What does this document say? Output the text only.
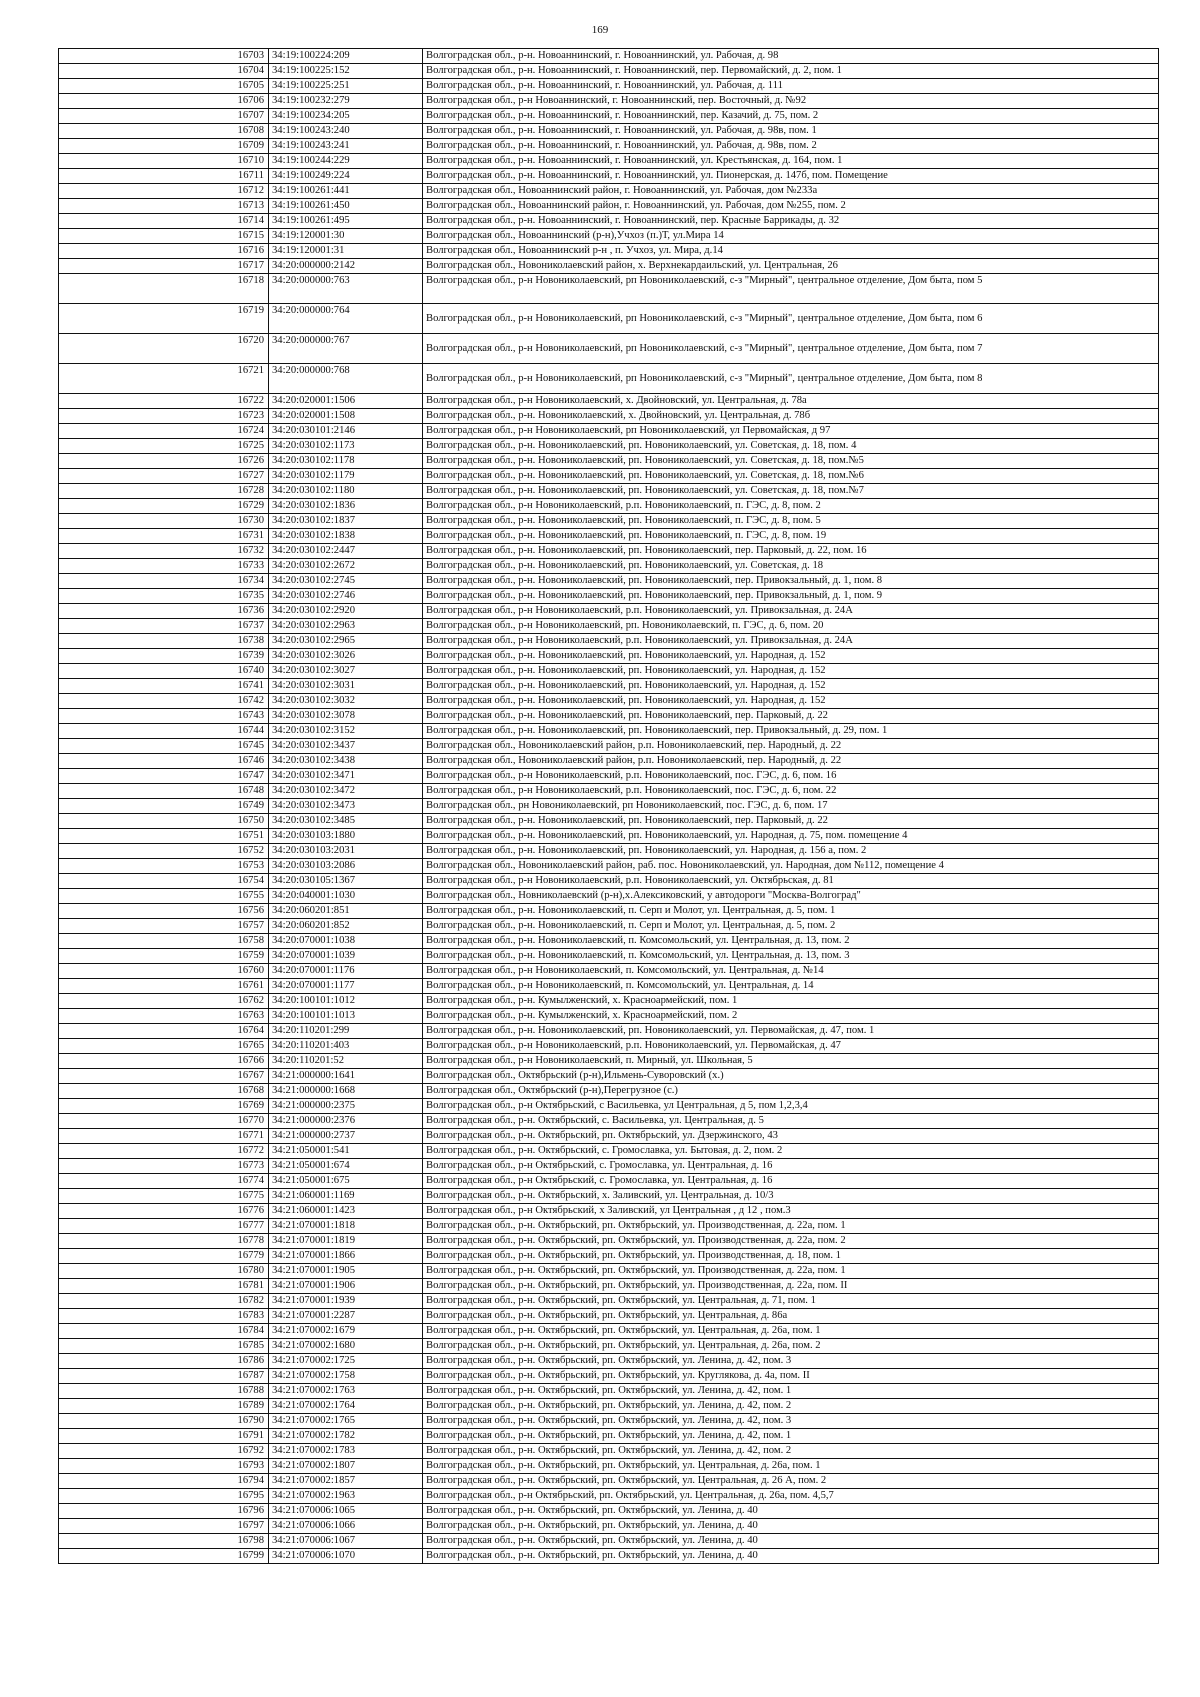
169
16703	34:19:100224:209	Волгоградская обл., р-н. Новоаннинский, г. Новоаннинский, ул. Рабочая, д. 98
16704	34:19:100225:152	Волгоградская обл., р-н. Новоаннинский, г. Новоаннинский, пер. Первомайский, д. 2, пом. 1
16705	34:19:100225:251	Волгоградская обл., р-н. Новоаннинский, г. Новоаннинский, ул. Рабочая, д. 111
16706	34:19:100232:279	Волгоградская обл., р-н Новоаннинский, г. Новоаннинский, пер. Восточный, д. №92
16707	34:19:100234:205	Волгоградская обл., р-н. Новоаннинский, г. Новоаннинский, пер. Казачий, д. 75, пом. 2
16708	34:19:100243:240	Волгоградская обл., р-н. Новоаннинский, г. Новоаннинский, ул. Рабочая, д. 98в, пом. 1
16709	34:19:100243:241	Волгоградская обл., р-н. Новоаннинский, г. Новоаннинский, ул. Рабочая, д. 98в, пом. 2
16710	34:19:100244:229	Волгоградская обл., р-н. Новоаннинский, г. Новоаннинский, ул. Крестьянская, д. 164, пом. 1
16711	34:19:100249:224	Волгоградская обл., р-н. Новоаннинский, г. Новоаннинский, ул. Пионерская, д. 147б, пом. Помещение
16712	34:19:100261:441	Волгоградская обл., Новоаннинский район, г. Новоаннинский, ул. Рабочая, дом №233а
16713	34:19:100261:450	Волгоградская обл., Новоаннинский район, г. Новоаннинский, ул. Рабочая, дом №255, пом. 2
16714	34:19:100261:495	Волгоградская обл., р-н. Новоаннинский, г. Новоаннинский, пер. Красные Баррикады, д. 32
16715	34:19:120001:30	Волгоградская обл., Новоаннинский (р-н),Учхоз (п.)Т, ул.Мира 14
16716	34:19:120001:31	Волгоградская обл., Новоаннинский р-н , п. Учхоз, ул. Мира, д.14
16717	34:20:000000:2142	Волгоградская обл., Новониколаевский район, х. Верхнекардаильский, ул. Центральная, 26
16718	34:20:000000:763	Волгоградская обл., р-н Новониколаевский, рп Новониколаевский, с-з "Мирный", центральное отделение, Дом быта, пом 5
16719	34:20:000000:764	Волгоградская обл., р-н Новониколаевский, рп Новониколаевский, с-з "Мирный", центральное отделение, Дом быта, пом 6
16720	34:20:000000:767	Волгоградская обл., р-н Новониколаевский, рп Новониколаевский, с-з "Мирный", центральное отделение, Дом быта, пом 7
16721	34:20:000000:768	Волгоградская обл., р-н Новониколаевский, рп Новониколаевский, с-з "Мирный", центральное отделение, Дом быта, пом 8
16722	34:20:020001:1506	Волгоградская обл., р-н Новониколаевский, х. Двойновский, ул. Центральная, д. 78а
16723	34:20:020001:1508	Волгоградская обл., р-н. Новониколаевский, х. Двойновский, ул. Центральная, д. 78б
16724	34:20:030101:2146	Волгоградская обл., р-н Новониколаевский, рп Новониколаевский, ул Первомайская, д 97
16725	34:20:030102:1173	Волгоградская обл., р-н. Новониколаевский, рп. Новониколаевский, ул. Советская, д. 18, пом. 4
16726	34:20:030102:1178	Волгоградская обл., р-н. Новониколаевский, рп. Новониколаевский, ул. Советская, д. 18, пом.№5
16727	34:20:030102:1179	Волгоградская обл., р-н. Новониколаевский, рп. Новониколаевский, ул. Советская, д. 18, пом.№6
16728	34:20:030102:1180	Волгоградская обл., р-н. Новониколаевский, рп. Новониколаевский, ул. Советская, д. 18, пом.№7
16729	34:20:030102:1836	Волгоградская обл., р-н Новониколаевский, р.п. Новониколаевский, п. ГЭС, д. 8, пом. 2
16730	34:20:030102:1837	Волгоградская обл., р-н. Новониколаевский, рп. Новониколаевский, п. ГЭС, д. 8, пом. 5
16731	34:20:030102:1838	Волгоградская обл., р-н. Новониколаевский, рп. Новониколаевский, п. ГЭС, д. 8, пом. 19
16732	34:20:030102:2447	Волгоградская обл., р-н. Новониколаевский, рп. Новониколаевский, пер. Парковый, д. 22, пом. 16
16733	34:20:030102:2672	Волгоградская обл., р-н. Новониколаевский, рп. Новониколаевский, ул. Советская, д. 18
16734	34:20:030102:2745	Волгоградская обл., р-н. Новониколаевский, рп. Новониколаевский, пер. Привокзальный, д. 1, пом. 8
16735	34:20:030102:2746	Волгоградская обл., р-н. Новониколаевский, рп. Новониколаевский, пер. Привокзальный, д. 1, пом. 9
16736	34:20:030102:2920	Волгоградская обл., р-н Новониколаевский, р.п. Новониколаевский, ул. Привокзальная, д. 24А
16737	34:20:030102:2963	Волгоградская обл., р-н Новониколаевский, рп. Новониколаевский, п. ГЭС, д. 6, пом. 20
16738	34:20:030102:2965	Волгоградская обл., р-н Новониколаевский, р.п. Новониколаевский, ул. Привокзальная, д. 24А
16739	34:20:030102:3026	Волгоградская обл., р-н. Новониколаевский, рп. Новониколаевский, ул. Народная, д. 152
16740	34:20:030102:3027	Волгоградская обл., р-н. Новониколаевский, рп. Новониколаевский, ул. Народная, д. 152
16741	34:20:030102:3031	Волгоградская обл., р-н. Новониколаевский, рп. Новониколаевский, ул. Народная, д. 152
16742	34:20:030102:3032	Волгоградская обл., р-н. Новониколаевский, рп. Новониколаевский, ул. Народная, д. 152
16743	34:20:030102:3078	Волгоградская обл., р-н. Новониколаевский, рп. Новониколаевский, пер. Парковый, д. 22
16744	34:20:030102:3152	Волгоградская обл., р-н. Новониколаевский, рп. Новониколаевский, пер. Привокзальный, д. 29, пом. 1
16745	34:20:030102:3437	Волгоградская обл., Новониколаевский район, р.п. Новониколаевский, пер. Народный, д. 22
16746	34:20:030102:3438	Волгоградская обл., Новониколаевский район, р.п. Новониколаевский, пер. Народный, д. 22
16747	34:20:030102:3471	Волгоградская обл., р-н Новониколаевский, р.п. Новониколаевский, пос. ГЭС, д. 6, пом. 16
16748	34:20:030102:3472	Волгоградская обл., р-н Новониколаевский, р.п. Новониколаевский, пос. ГЭС, д. 6, пом. 22
16749	34:20:030102:3473	Волгоградская обл., рн Новониколаевский, рп Новониколаевский, пос. ГЭС, д. 6, пом. 17
16750	34:20:030102:3485	Волгоградская обл., р-н. Новониколаевский, рп. Новониколаевский, пер. Парковый, д. 22
16751	34:20:030103:1880	Волгоградская обл., р-н. Новониколаевский, рп. Новониколаевский, ул. Народная, д. 75, пом. помещение 4
16752	34:20:030103:2031	Волгоградская обл., р-н. Новониколаевский, рп. Новониколаевский, ул. Народная, д. 156 а, пом. 2
16753	34:20:030103:2086	Волгоградская обл., Новониколаевский район, раб. пос. Новониколаевский, ул. Народная, дом №112, помещение 4
16754	34:20:030105:1367	Волгоградская обл., р-н Новониколаевский, р.п. Новониколаевский, ул. Октябрьская, д. 81
16755	34:20:040001:1030	Волгоградская обл., Новниколаевский (р-н),х.Алексиковский, у автодороги "Москва-Волгоград"
16756	34:20:060201:851	Волгоградская обл., р-н. Новониколаевский, п. Серп и Молот, ул. Центральная, д. 5, пом. 1
16757	34:20:060201:852	Волгоградская обл., р-н. Новониколаевский, п. Серп и Молот, ул. Центральная, д. 5, пом. 2
16758	34:20:070001:1038	Волгоградская обл., р-н. Новониколаевский, п. Комсомольский, ул. Центральная, д. 13, пом. 2
16759	34:20:070001:1039	Волгоградская обл., р-н. Новониколаевский, п. Комсомольский, ул. Центральная, д. 13, пом. 3
16760	34:20:070001:1176	Волгоградская обл., р-н Новониколаевский, п. Комсомольский, ул. Центральная, д. №14
16761	34:20:070001:1177	Волгоградская обл., р-н Новониколаевский, п. Комсомольский, ул. Центральная, д. 14
16762	34:20:100101:1012	Волгоградская обл., р-н. Кумылженский, х. Красноармейский, пом. 1
16763	34:20:100101:1013	Волгоградская обл., р-н. Кумылженский, х. Красноармейский, пом. 2
16764	34:20:110201:299	Волгоградская обл., р-н. Новониколаевский, рп. Новониколаевский, ул. Первомайская, д. 47, пом. 1
16765	34:20:110201:403	Волгоградская обл., р-н Новониколаевский, р.п. Новониколаевский, ул. Первомайская, д. 47
16766	34:20:110201:52	Волгоградская обл., р-н Новониколаевский, п. Мирный, ул. Школьная, 5
16767	34:21:000000:1641	Волгоградская обл., Октябрьский (р-н),Ильмень-Суворовский (х.)
16768	34:21:000000:1668	Волгоградская обл., Октябрьский (р-н),Перегрузное (с.)
16769	34:21:000000:2375	Волгоградская обл., р-н Октябрьский, с Васильевка, ул Центральная, д 5, пом 1,2,3,4
16770	34:21:000000:2376	Волгоградская обл., р-н. Октябрьский, с. Васильевка, ул. Центральная, д. 5
16771	34:21:000000:2737	Волгоградская обл., р-н. Октябрьский, рп. Октябрьский, ул. Дзержинского, 43
16772	34:21:050001:541	Волгоградская обл., р-н. Октябрьский, с. Громославка, ул. Бытовая, д. 2, пом. 2
16773	34:21:050001:674	Волгоградская обл., р-н Октябрьский, с. Громославка, ул. Центральная, д. 16
16774	34:21:050001:675	Волгоградская обл., р-н Октябрьский, с. Громославка, ул. Центральная, д. 16
16775	34:21:060001:1169	Волгоградская обл., р-н. Октябрьский, х. Заливский, ул. Центральная, д. 10/3
16776	34:21:060001:1423	Волгоградская обл., р-н Октябрьский, х Заливский, ул Центральная , д 12 , пом.3
16777	34:21:070001:1818	Волгоградская обл., р-н. Октябрьский, рп. Октябрьский, ул. Производственная, д. 22а, пом. 1
16778	34:21:070001:1819	Волгоградская обл., р-н. Октябрьский, рп. Октябрьский, ул. Производственная, д. 22а, пом. 2
16779	34:21:070001:1866	Волгоградская обл., р-н. Октябрьский, рп. Октябрьский, ул. Производственная, д. 18, пом. 1
16780	34:21:070001:1905	Волгоградская обл., р-н. Октябрьский, рп. Октябрьский, ул. Производственная, д. 22а, пом. 1
16781	34:21:070001:1906	Волгоградская обл., р-н. Октябрьский, рп. Октябрьский, ул. Производственная, д. 22а, пом. II
16782	34:21:070001:1939	Волгоградская обл., р-н. Октябрьский, рп. Октябрьский, ул. Центральная, д. 71, пом. 1
16783	34:21:070001:2287	Волгоградская обл., р-н. Октябрьский, рп. Октябрьский, ул. Центральная, д. 86а
16784	34:21:070002:1679	Волгоградская обл., р-н. Октябрьский, рп. Октябрьский, ул. Центральная, д. 26а, пом. 1
16785	34:21:070002:1680	Волгоградская обл., р-н. Октябрьский, рп. Октябрьский, ул. Центральная, д. 26а, пом. 2
16786	34:21:070002:1725	Волгоградская обл., р-н. Октябрьский, рп. Октябрьский, ул. Ленина, д. 42, пом. 3
16787	34:21:070002:1758	Волгоградская обл., р-н. Октябрьский, рп. Октябрьский, ул. Круглякова, д. 4а, пом. II
16788	34:21:070002:1763	Волгоградская обл., р-н. Октябрьский, рп. Октябрьский, ул. Ленина, д. 42, пом. 1
16789	34:21:070002:1764	Волгоградская обл., р-н. Октябрьский, рп. Октябрьский, ул. Ленина, д. 42, пом. 2
16790	34:21:070002:1765	Волгоградская обл., р-н. Октябрьский, рп. Октябрьский, ул. Ленина, д. 42, пом. 3
16791	34:21:070002:1782	Волгоградская обл., р-н. Октябрьский, рп. Октябрьский, ул. Ленина, д. 42, пом. 1
16792	34:21:070002:1783	Волгоградская обл., р-н. Октябрьский, рп. Октябрьский, ул. Ленина, д. 42, пом. 2
16793	34:21:070002:1807	Волгоградская обл., р-н. Октябрьский, рп. Октябрьский, ул. Центральная, д. 26а, пом. 1
16794	34:21:070002:1857	Волгоградская обл., р-н. Октябрьский, рп. Октябрьский, ул. Центральная, д. 26 А, пом. 2
16795	34:21:070002:1963	Волгоградская обл., р-н Октябрьский, рп. Октябрьский, ул. Центральная, д. 26а, пом. 4,5,7
16796	34:21:070006:1065	Волгоградская обл., р-н. Октябрьский, рп. Октябрьский, ул. Ленина, д. 40
16797	34:21:070006:1066	Волгоградская обл., р-н. Октябрьский, рп. Октябрьский, ул. Ленина, д. 40
16798	34:21:070006:1067	Волгоградская обл., р-н. Октябрьский, рп. Октябрьский, ул. Ленина, д. 40
16799	34:21:070006:1070	Волгоградская обл., р-н. Октябрьский, рп. Октябрьский, ул. Ленина, д. 40
